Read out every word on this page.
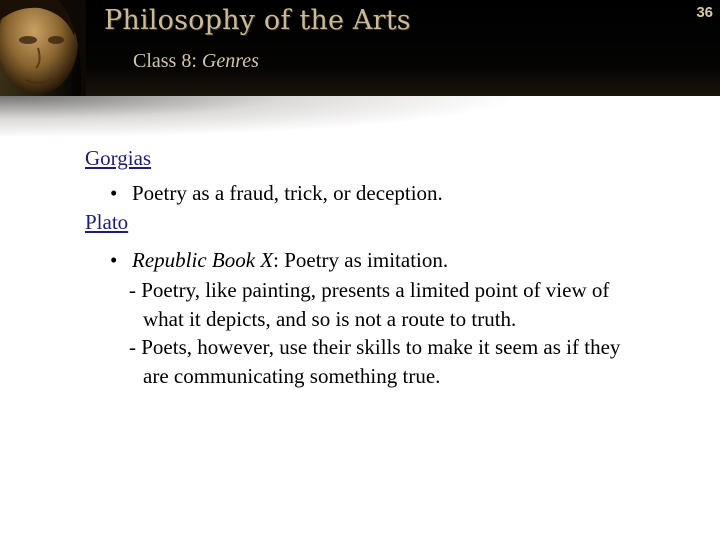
Philosophy of the Arts	36
Class 8: Genres
Gorgias
• Poetry as a fraud, trick, or deception.
Plato
• Republic Book X: Poetry as imitation.
- Poetry, like painting, presents a limited point of view of
what it depicts, and so is not a route to truth.
- Poets, however, use their skills to make it seem as if they
are communicating something true.
